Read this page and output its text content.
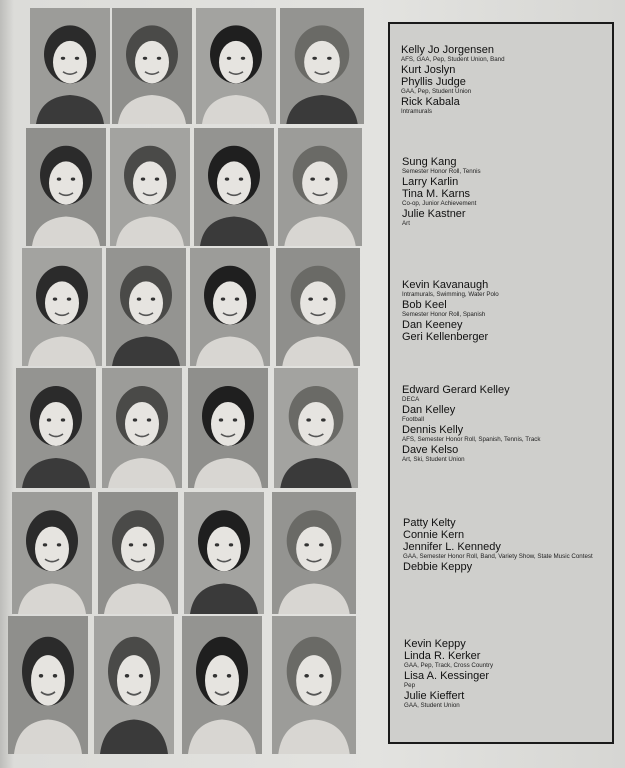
Kelly Jo Jorgensen
AFS, GAA, Pep, Student Union, Band
Kurt Joslyn
Phyllis Judge
GAA, Pep, Student Union
Rick Kabala
Intramurals
Sung Kang
Semester Honor Roll, Tennis
Larry Karlin
Tina M. Karns
Co-op, Junior Achievement
Julie Kastner
Art
Kevin Kavanaugh
Intramurals, Swimming, Water Polo
Bob Keel
Semester Honor Roll, Spanish
Dan Keeney
Geri Kellenberger
Edward Gerard Kelley
DECA
Dan Kelley
Football
Dennis Kelly
AFS, Semester Honor Roll, Spanish, Tennis, Track
Dave Kelso
Art, Ski, Student Union
Patty Kelty
Connie Kern
Jennifer L. Kennedy
GAA, Semester Honor Roll, Band, Variety Show, State Music Contest
Debbie Keppy
Kevin Keppy
Linda R. Kerker
GAA, Pep, Track, Cross Country
Lisa A. Kessinger
Pep
Julie Kieffert
GAA, Student Union
